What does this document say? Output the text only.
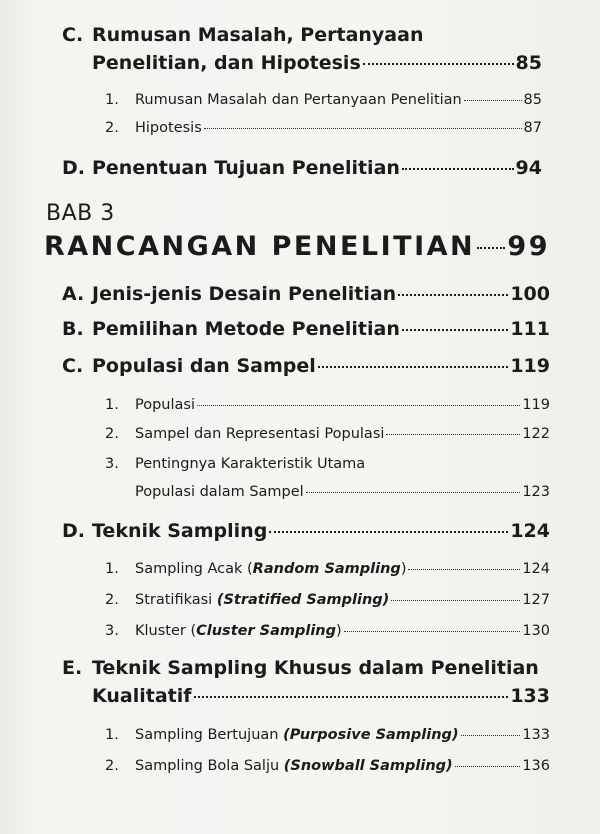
C. Rumusan Masalah, Pertanyaan
Penelitian, dan Hipotesis	85
1.	Rumusan Masalah dan Pertanyaan Penelitian	85
2.	Hipotesis	87
D. Penentuan Tujuan Penelitian	94
BAB 3
RANCANGAN PENELITIAN 99
A. Jenis-jenis Desain Penelitian	100
B. Pemilihan Metode Penelitian	111
C. Populasi dan Sampel	119
1.	Populasi	119
2.	Sampel dan Representasi Populasi	122
3.	Pentingnya Karakteristik Utama
Populasi dalam Sampel	123
D. Teknik Sampling	124
1.	Sampling Acak (Random Sampling)	124
2.	Stratifikasi (Stratified Sampling)	127
3.	Kluster (Cluster Sampling)	130
E. Teknik Sampling Khusus dalam Penelitian
Kualitatif	133
1.	Sampling Bertujuan (Purposive Sampling)	133
2.	Sampling Bola Salju (Snowball Sampling)	136
